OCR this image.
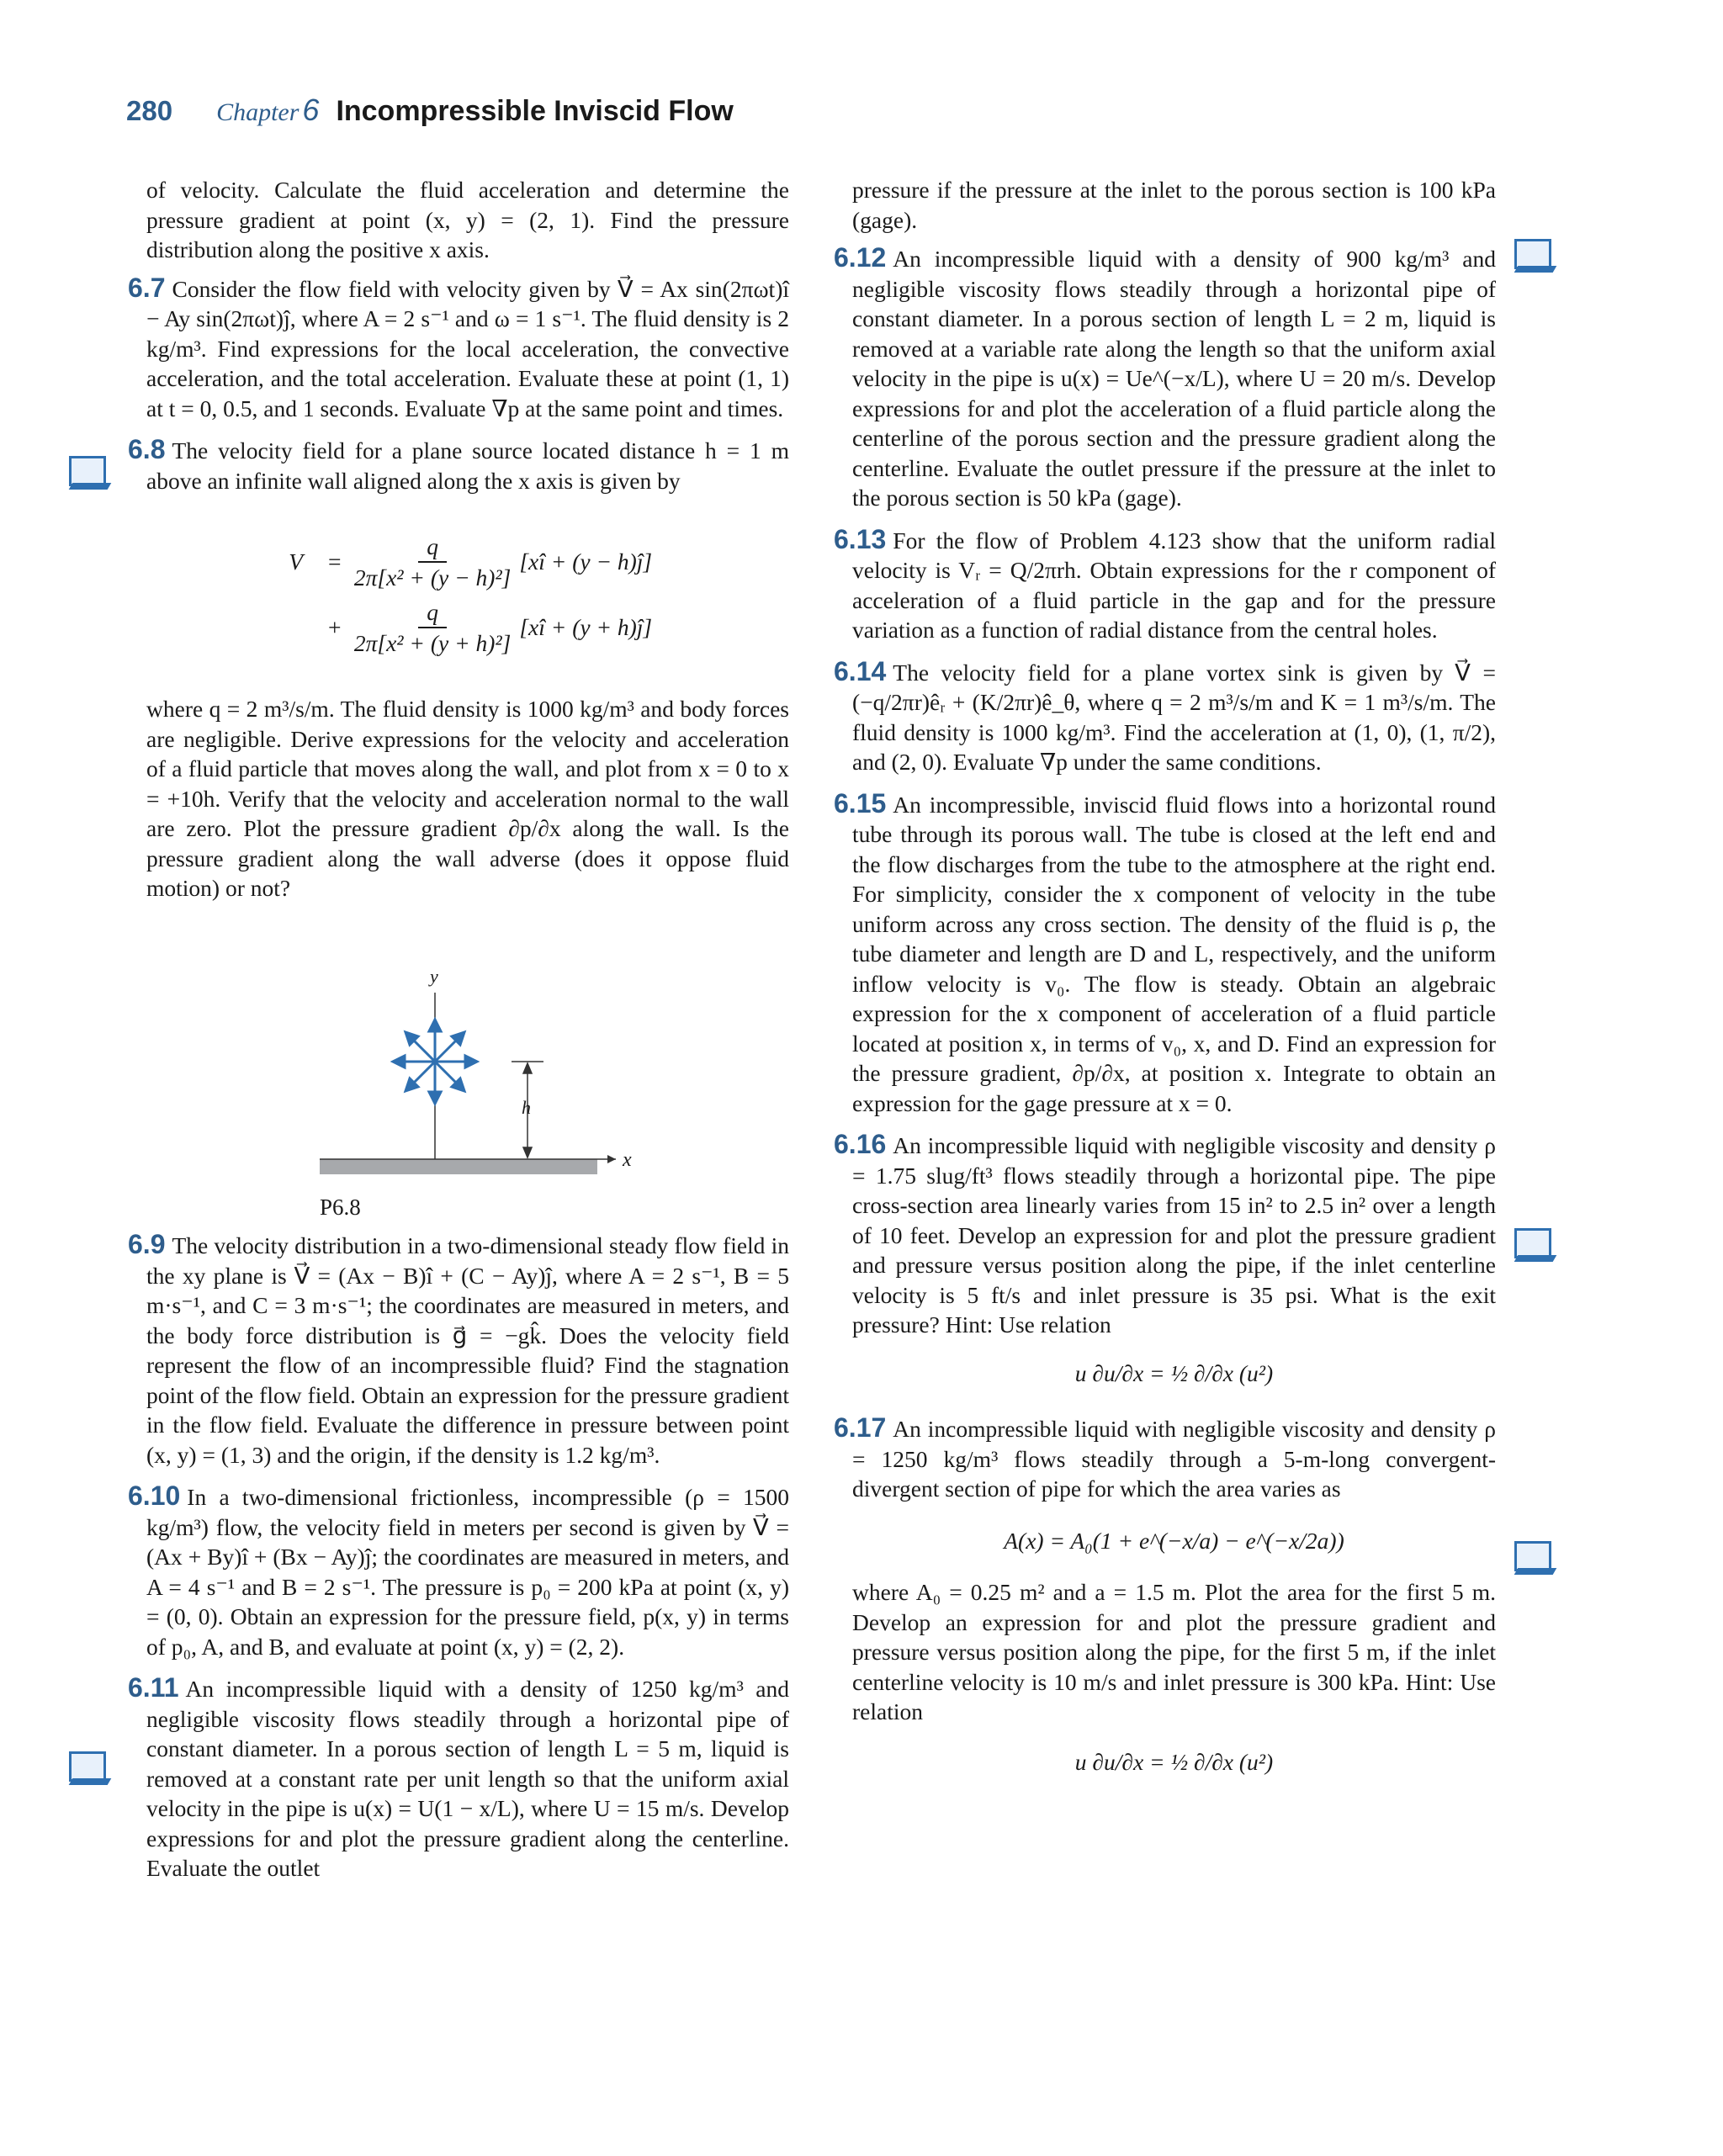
280 Chapter 6 Incompressible Inviscid Flow

of velocity. Calculate the fluid acceleration and determine the pressure gradient at point (x, y) = (2, 1). Find the pressure distribution along the positive x axis.

6.7 Consider the flow field with velocity given by V⃗ = Ax sin(2πωt)î − Ay sin(2πωt)ĵ, where A = 2 s⁻¹ and ω = 1 s⁻¹. The fluid density is 2 kg/m³. Find expressions for the local acceleration, the convective acceleration, and the total acceleration. Evaluate these at point (1, 1) at t = 0, 0.5, and 1 seconds. Evaluate ∇p at the same point and times.

6.8 The velocity field for a plane source located distance h = 1 m above an infinite wall aligned along the x axis is given by

V⃗ = $\frac{q}{\text{2π[x² + (y − h)²]}}$ [xî + (y − h)ĵ]
+ $\frac{q}{\text{2π[x² + (y + h)²]}}$ [xî + (y + h)ĵ]

where q = 2 m³/s/m. The fluid density is 1000 kg/m³ and body forces are negligible. Derive expressions for the velocity and acceleration of a fluid particle that moves along the wall, and plot from x = 0 to x = +10h. Verify that the velocity and acceleration normal to the wall are zero. Plot the pressure gradient ∂p/∂x along the wall. Is the pressure gradient along the wall adverse (does it oppose fluid motion) or not?

x
y
h
P6.8

6.9 The velocity distribution in a two-dimensional steady flow field in the xy plane is V⃗ = (Ax − B)î + (C − Ay)ĵ, where A = 2 s⁻¹, B = 5 m·s⁻¹, and C = 3 m·s⁻¹; the coordinates are measured in meters, and the body force distribution is g⃗ = −gk̂. Does the velocity field represent the flow of an incompressible fluid? Find the stagnation point of the flow field. Obtain an expression for the pressure gradient in the flow field. Evaluate the difference in pressure between point (x, y) = (1, 3) and the origin, if the density is 1.2 kg/m³.

6.10 In a two-dimensional frictionless, incompressible (ρ = 1500 kg/m³) flow, the velocity field in meters per second is given by V⃗ = (Ax + By)î + (Bx − Ay)ĵ; the coordinates are measured in meters, and A = 4 s⁻¹ and B = 2 s⁻¹. The pressure is p₀ = 200 kPa at point (x, y) = (0, 0). Obtain an expression for the pressure field, p(x, y) in terms of p₀, A, and B, and evaluate at point (x, y) = (2, 2).

6.11 An incompressible liquid with a density of 1250 kg/m³ and negligible viscosity flows steadily through a horizontal pipe of constant diameter. In a porous section of length L = 5 m, liquid is removed at a constant rate per unit length so that the uniform axial velocity in the pipe is u(x) = U(1 − x/L), where U = 15 m/s. Develop expressions for and plot the pressure gradient along the centerline. Evaluate the outlet

pressure if the pressure at the inlet to the porous section is 100 kPa (gage).

6.12 An incompressible liquid with a density of 900 kg/m³ and negligible viscosity flows steadily through a horizontal pipe of constant diameter. In a porous section of length L = 2 m, liquid is removed at a variable rate along the length so that the uniform axial velocity in the pipe is u(x) = Ue^(−x/L), where U = 20 m/s. Develop expressions for and plot the acceleration of a fluid particle along the centerline of the porous section and the pressure gradient along the centerline. Evaluate the outlet pressure if the pressure at the inlet to the porous section is 50 kPa (gage).

6.13 For the flow of Problem 4.123 show that the uniform radial velocity is Vᵣ = Q/2πrh. Obtain expressions for the r component of acceleration of a fluid particle in the gap and for the pressure variation as a function of radial distance from the central holes.

6.14 The velocity field for a plane vortex sink is given by V⃗ = (−q/2πr)êᵣ + (K/2πr)ê_θ, where q = 2 m³/s/m and K = 1 m³/s/m. The fluid density is 1000 kg/m³. Find the acceleration at (1, 0), (1, π/2), and (2, 0). Evaluate ∇p under the same conditions.

6.15 An incompressible, inviscid fluid flows into a horizontal round tube through its porous wall. The tube is closed at the left end and the flow discharges from the tube to the atmosphere at the right end. For simplicity, consider the x component of velocity in the tube uniform across any cross section. The density of the fluid is ρ, the tube diameter and length are D and L, respectively, and the uniform inflow velocity is v₀. The flow is steady. Obtain an algebraic expression for the x component of acceleration of a fluid particle located at position x, in terms of v₀, x, and D. Find an expression for the pressure gradient, ∂p/∂x, at position x. Integrate to obtain an expression for the gage pressure at x = 0.

6.16 An incompressible liquid with negligible viscosity and density ρ = 1.75 slug/ft³ flows steadily through a horizontal pipe. The pipe cross-section area linearly varies from 15 in² to 2.5 in² over a length of 10 feet. Develop an expression for and plot the pressure gradient and pressure versus position along the pipe, if the inlet centerline velocity is 5 ft/s and inlet pressure is 35 psi. What is the exit pressure? Hint: Use relation

u ∂u/∂x = ½ ∂/∂x (u²)

6.17 An incompressible liquid with negligible viscosity and density ρ = 1250 kg/m³ flows steadily through a 5-m-long convergent-divergent section of pipe for which the area varies as

A(x) = A₀(1 + e^(−x/a) − e^(−x/2a))

where A₀ = 0.25 m² and a = 1.5 m. Plot the area for the first 5 m. Develop an expression for and plot the pressure gradient and pressure versus position along the pipe, for the first 5 m, if the inlet centerline velocity is 10 m/s and inlet pressure is 300 kPa. Hint: Use relation

u ∂u/∂x = ½ ∂/∂x (u²)
